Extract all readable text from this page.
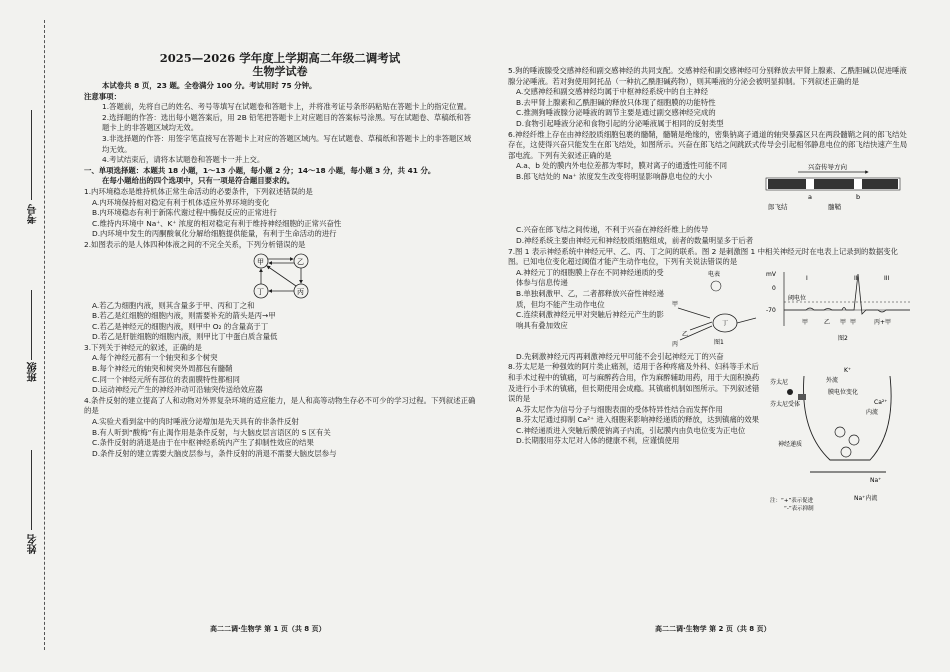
考号
班级
姓名
2025—2026 学年度上学期高二年级二调考试
生物学试卷

本试卷共 8 页，23 题。全卷满分 100 分。考试用时 75 分钟。

注意事项：

1.答题前，先将自己的姓名、考号等填写在试题卷和答题卡上，并将准考证号条形码粘贴在答题卡上的指定位置。

2.选择题的作答：选出每小题答案后，用 2B 铅笔把答题卡上对应题目的答案标号涂黑。写在试题卷、草稿纸和答题卡上的非答题区域均无效。

3.非选择题的作答：用签字笔直接写在答题卡上对应的答题区域内。写在试题卷、草稿纸和答题卡上的非答题区域均无效。

4.考试结束后，请将本试题卷和答题卡一并上交。

一、单项选择题：本题共 18 小题，1～13 小题，每小题 2 分；14～18 小题，每小题 3 分，共 41 分。

在每小题给出的四个选项中，只有一项是符合题目要求的。

1.内环境稳态是维持机体正常生命活动的必要条件，下列叙述错误的是

A.内环境保持相对稳定有利于机体适应外界环境的变化

B.内环境稳态有利于新陈代谢过程中酶促反应的正常进行

C.维持内环境中 Na⁺、K⁺ 浓度的相对稳定有利于维持神经细胞的正常兴奋性

D.内环境中发生的丙酮酸氧化分解给细胞提供能量，有利于生命活动的进行

2.如图表示的是人体四种体液之间的不完全关系，下列分析错误的是

甲	乙
丙
丁

A.若乙为细胞内液，则其含量多于甲、丙和丁之和

B.若乙是红细胞的细胞内液，则需要补充的箭头是丙→甲

C.若乙是神经元的细胞内液，则甲中 O₂ 的含量高于丁

D.若乙是肝脏细胞的细胞内液，则甲比丁中蛋白质含量低

3.下列关于神经元的叙述，正确的是

A.每个神经元都有一个轴突和多个树突

B.每个神经元的轴突和树突外周都包有髓鞘

C.同一个神经元所有部位的表面膜特性都相同

D.运动神经元产生的神经冲动可沿轴突传送给效应器

4.条件反射的建立提高了人和动物对外界复杂环境的适应能力，是人和高等动物生存必不可少的学习过程。下列叙述正确的是

A.实验犬看到盆中的肉时唾液分泌增加是先天具有的非条件反射

B.有人听到“酸梅”有止渴作用是条件反射，与大脑皮层言语区的 S 区有关

C.条件反射的消退是由于在中枢神经系统内产生了抑制性效应的结果

D.条件反射的建立需要大脑皮层参与，条件反射的消退不需要大脑皮层参与

高二二调·生物学 第 1 页（共 8 页）

5.狗的唾液腺受交感神经和副交感神经的共同支配。交感神经和副交感神经可分别释放去甲肾上腺素、乙酰胆碱以促进唾液腺分泌唾液。若对狗使用阿托品（一种抗乙酰胆碱药物），则其唾液的分泌会被明显抑制。下列叙述正确的是

A.交感神经和副交感神经均属于中枢神经系统中的自主神经

B.去甲肾上腺素和乙酰胆碱的释放只体现了细胞膜的功能特性

C.推测狗唾液腺分泌唾液的调节主要是通过副交感神经完成的

D.食物引起唾液分泌和食物引起的分泌唾液属于相同的反射类型

6.神经纤维上存在由神经胶质细胞包裹的髓鞘，髓鞘是绝缘的，密集钠离子通道的轴突暴露区只在两段髓鞘之间的郎飞结处存在，这使得兴奋只能发生在郎飞结处，如图所示。兴奋在郎飞结之间跳跃式传导会引起相邻静息电位的郎飞结快速产生局部电流。下列有关叙述正确的是

A.a、b 处的膜内外电位差都为零时，膜对离子的通透性可能不同

B.郎飞结处的 Na⁺ 浓度发生改变将明显影响静息电位的大小

兴奋传导方向
a	b
郎飞结	髓鞘

C.兴奋在郎飞结之间传递，不利于兴奋在神经纤维上的传导

D.神经系统主要由神经元和神经胶质细胞组成，前者的数量明显多于后者

7.图 1 表示神经系统中神经元甲、乙、丙、丁之间的联系。图 2 是刺激图 1 中相关神经元时在电表上记录到的数据变化图。已知电位变化超过阈值才能产生动作电位，下列有关说法错误的是

A.神经元丁的细胞膜上存在不同神经递质的受体参与信息传递

B.单独刺激甲、乙，二者都释放兴奋性神经递质，但均不能产生动作电位

C.连续刺激神经元甲对突触后神经元产生的影响具有叠加效应

电表
甲
乙
丙
丁
图1
mV
0
-70
阈电位
I	II	III
甲	乙 甲 甲	丙+甲
图2

D.先刺激神经元丙再刺激神经元甲可能不会引起神经元丁的兴奋

8.芬太尼是一种强效的阿片类止痛剂，适用于各种疼痛及外科、妇科等手术后和手术过程中的镇痛，可与麻醉药合用，作为麻醉辅助用药，用于大面积换药及进行小手术的镇痛，但长期使用会成瘾。其镇痛机制如图所示。下列叙述错误的是

A.芬太尼作为信号分子与细胞表面的受体特异性结合而发挥作用

B.芬太尼通过抑制 Ca²⁺ 进入细胞来影响神经递质的释放，达到镇痛的效果

C.神经递质进入突触后膜使钠离子内流，引起膜内由负电位变为正电位

D.长期服用芬太尼对人体的健康不利，应谨慎使用

芬太尼
芬太尼受体
K⁺
外流
膜电位变化
Ca²⁺
内流
神经递质
Na⁺
Na⁺内流
注：“+”表示促进
“-”表示抑制
高二二调·生物学 第 2 页（共 8 页）
